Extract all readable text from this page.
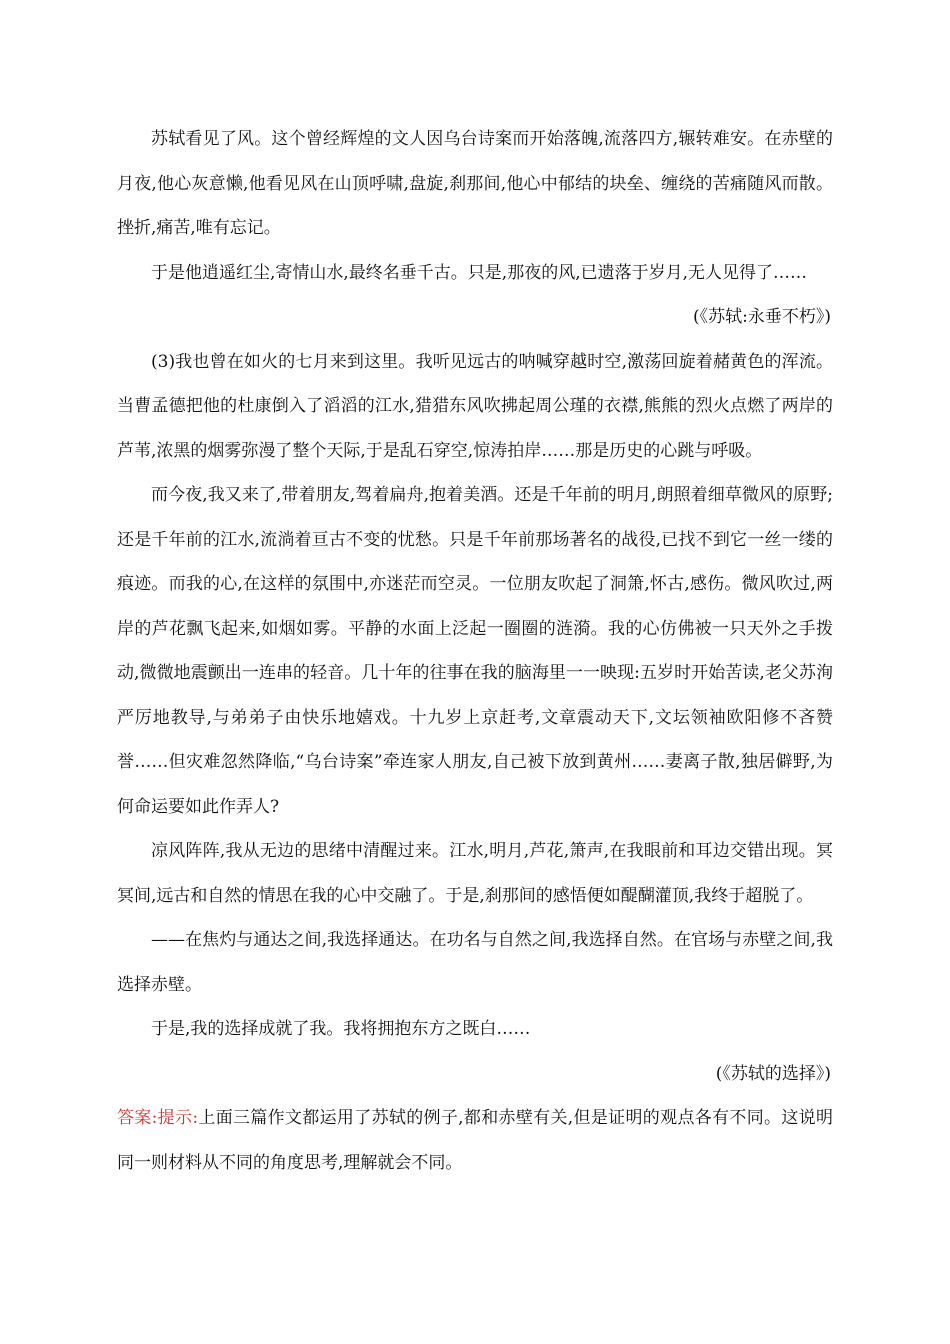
苏轼看见了风。这个曾经辉煌的文人因乌台诗案而开始落魄,流落四方,辗转难安。在赤壁的月夜,他心灰意懒,他看见风在山顶呼啸,盘旋,刹那间,他心中郁结的块垒、缠绕的苦痛随风而散。挫折,痛苦,唯有忘记。

于是他逍遥红尘,寄情山水,最终名垂千古。只是,那夜的风,已遗落于岁月,无人见得了……

(《苏轼:永垂不朽》)

(3)我也曾在如火的七月来到这里。我听见远古的呐喊穿越时空,激荡回旋着赭黄色的浑流。当曹孟德把他的杜康倒入了滔滔的江水,猎猎东风吹拂起周公瑾的衣襟,熊熊的烈火点燃了两岸的芦苇,浓黑的烟雾弥漫了整个天际,于是乱石穿空,惊涛拍岸……那是历史的心跳与呼吸。

而今夜,我又来了,带着朋友,驾着扁舟,抱着美酒。还是千年前的明月,朗照着细草微风的原野;还是千年前的江水,流淌着亘古不变的忧愁。只是千年前那场著名的战役,已找不到它一丝一缕的痕迹。而我的心,在这样的氛围中,亦迷茫而空灵。一位朋友吹起了洞箫,怀古,感伤。微风吹过,两岸的芦花飘飞起来,如烟如雾。平静的水面上泛起一圈圈的涟漪。我的心仿佛被一只天外之手拨动,微微地震颤出一连串的轻音。几十年的往事在我的脑海里一一映现:五岁时开始苦读,老父苏洵严厉地教导,与弟弟子由快乐地嬉戏。十九岁上京赶考,文章震动天下,文坛领袖欧阳修不吝赞誉……但灾难忽然降临,“乌台诗案”牵连家人朋友,自己被下放到黄州……妻离子散,独居僻野,为何命运要如此作弄人?

凉风阵阵,我从无边的思绪中清醒过来。江水,明月,芦花,箫声,在我眼前和耳边交错出现。冥冥间,远古和自然的情思在我的心中交融了。于是,刹那间的感悟便如醍醐灌顶,我终于超脱了。

——在焦灼与通达之间,我选择通达。在功名与自然之间,我选择自然。在官场与赤壁之间,我选择赤壁。

于是,我的选择成就了我。我将拥抱东方之既白……

(《苏轼的选择》)

答案:提示:上面三篇作文都运用了苏轼的例子,都和赤壁有关,但是证明的观点各有不同。这说明同一则材料从不同的角度思考,理解就会不同。
